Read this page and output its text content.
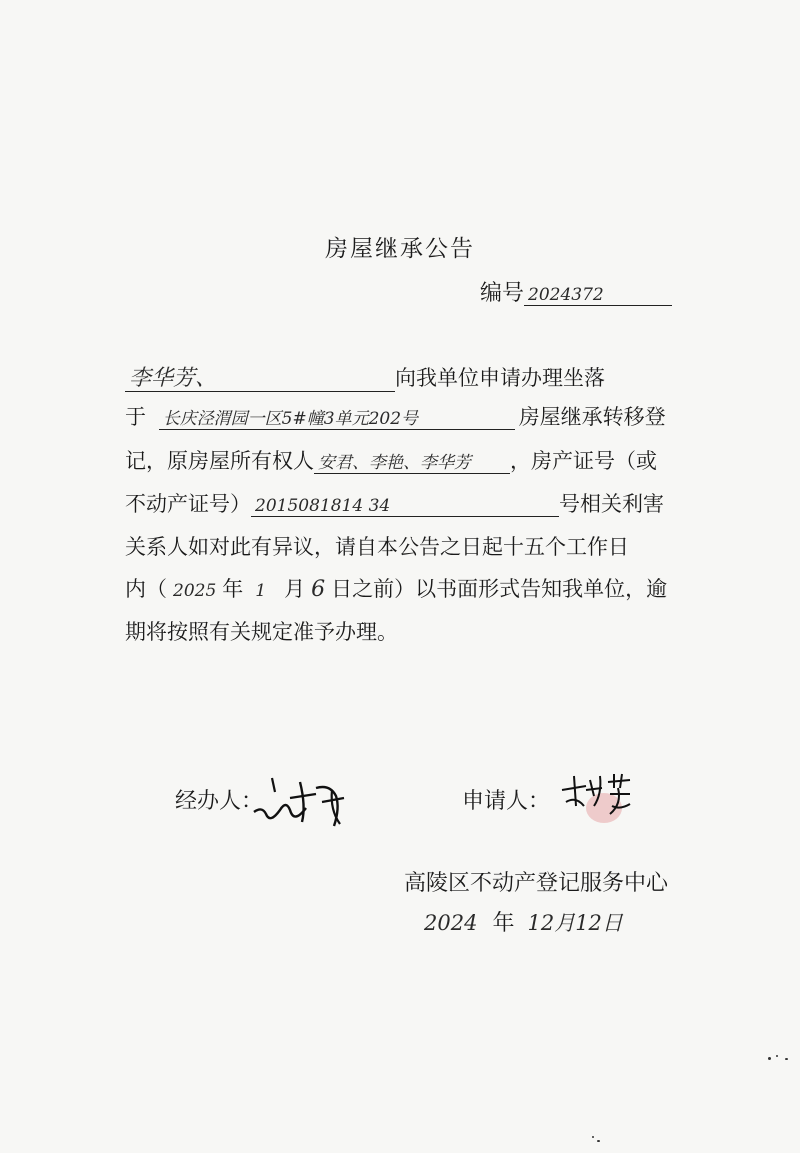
房屋继承公告
编号 2024372
李华芳、	向我单位申请办理坐落
于 长庆泾渭园一区5#幢3单元202号	房屋继承转移登
记，原房屋所有权人 安君、李艳、李华芳 ，房产证号（或
不动产证号） 2015081814 34	号相关利害
关系人如对此有异议，请自本公告之日起十五个工作日
内（ 2025 年 1 月 6 日之前）以书面形式告知我单位，逾
期将按照有关规定准予办理。
经办人：	申请人：
高陵区不动产登记服务中心
2024 年 12月12日
